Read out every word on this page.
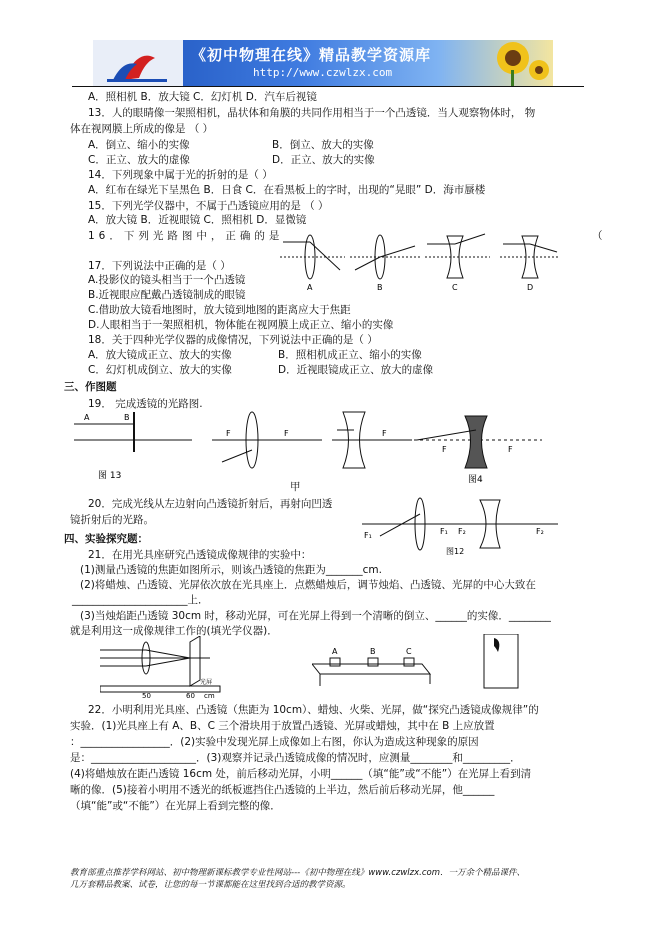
《初中物理在线》精品教学资源库
http://www.czwlzx.com
A．照相机 B．放大镜 C．幻灯机 D．汽车后视镜
13．人的眼睛像一架照相机，晶状体和角膜的共同作用相当于一个凸透镜．当人观察物体时， 物
体在视网膜上所成的像是 （ ）
A．倒立、缩小的实像	B．倒立、放大的实像
C．正立、放大的虚像	D．正立、放大的实像
14．下列现象中属于光的折射的是（ ）
A．红布在绿光下呈黑色 B．日食 C．在看黑板上的字时，出现的“晃眼” D．海市蜃楼
15．下列光学仪器中，不属于凸透镜应用的是 （ ）
A．放大镜 B．近视眼镜 C．照相机 D．显微镜
16．下列光路图中，正确的是	（
A	B	C	D
17．下列说法中正确的是（ ）
A.投影仪的镜头相当于一个凸透镜
B.近视眼应配戴凸透镜制成的眼镜
C.借助放大镜看地图时，放大镜到地图的距离应大于焦距
D.人眼相当于一架照相机，物体能在视网膜上成正立、缩小的实像
18．关于四种光学仪器的成像情况，下列说法中正确的是（ ）
A．放大镜成正立、放大的实像	B．照相机成正立、缩小的实像
C．幻灯机成倒立、放大的实像	D．近视眼镜成正立、放大的虚像
三、作图题
19． 完成透镜的光路图.
A	B
F	F	F
F	F
图 13	图4
甲
20．完成光线从左边射向凸透镜折射后，再射向凹透
镜折射后的光路。
F₁	F₁ F₂	F₂
图12
四、实验探究题：
21．在用光具座研究凸透镜成像规律的实验中：
(1)测量凸透镜的焦距如图所示，则该凸透镜的焦距为_______cm.
(2)将蜡烛、凸透镜、光屏依次放在光具座上．点燃蜡烛后，调节烛焰、凸透镜、光屏的中心大致在
______________________上．
(3)当烛焰距凸透镜 30cm 时，移动光屏，可在光屏上得到一个清晰的倒立、______的实像．________
就是利用这一成像规律工作的(填光学仪器)．
50	60 cm
光屏
A	B	C
22．小明利用光具座、凸透镜（焦距为 10cm）、蜡烛、火柴、光屏，做“探究凸透镜成像规律”的
实验．(1)光具座上有 A、B、C 三个滑块用于放置凸透镜、光屏或蜡烛，其中在 B 上应放置
：_________________．(2)实验中发现光屏上成像如上右图，你认为造成这种现象的原因
是：____________________．(3)观察并记录凸透镜成像的情况时，应测量________和_________．
(4)将蜡烛放在距凸透镜 16cm 处，前后移动光屏，小明______（填“能”或“不能”）在光屏上看到清
晰的像．(5)接着小明用不透光的纸板遮挡住凸透镜的上半边，然后前后移动光屏，他______
（填“能”或“不能”）在光屏上看到完整的像．
教育部重点推荐学科网站、初中物理新课标教学专业性网站---《初中物理在线》www.czwlzx.com．一万余个精品课件、
几万套精品教案、试卷，让您的每一节课都能在这里找到合适的教学资源。
